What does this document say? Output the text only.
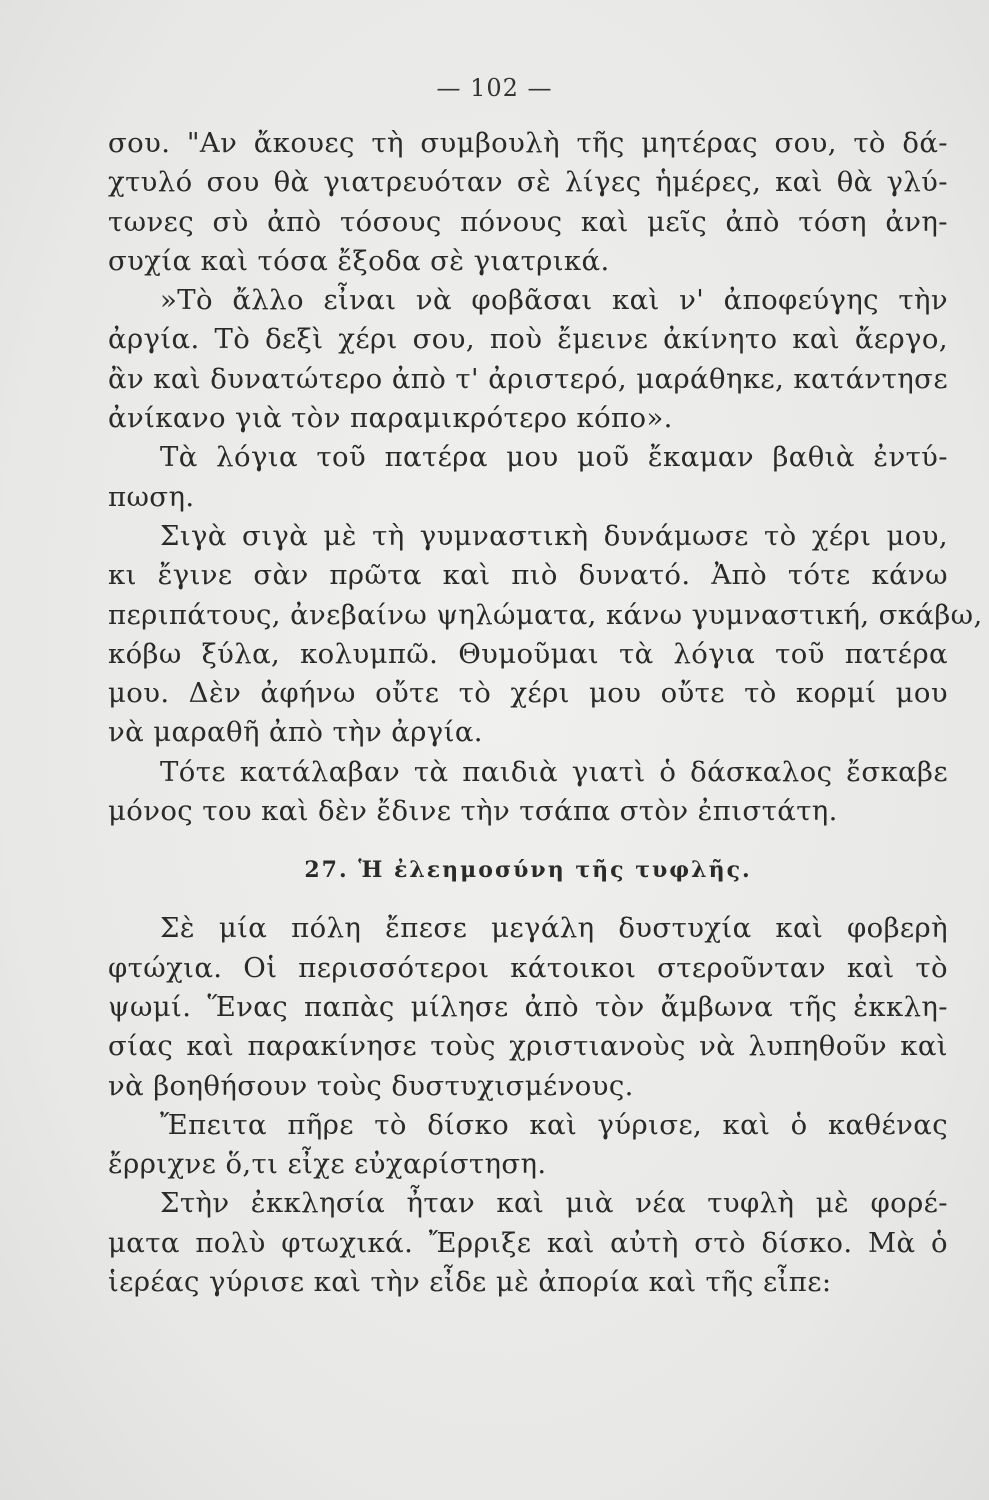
— 102 —
σου. "Αν ἄκουες τὴ συμβουλὴ τῆς μητέρας σου, τὸ δά-
χτυλό σου θὰ γιατρευόταν σὲ λίγες ἡμέρες, καὶ θὰ γλύ-
τωνες σὺ ἀπὸ τόσους πόνους καὶ μεῖς ἀπὸ τόση ἀνη-
συχία καὶ τόσα ἔξοδα σὲ γιατρικά.
»Τὸ ἄλλο εἶναι νὰ φοβᾶσαι καὶ ν' ἀποφεύγης τὴν
ἀργία. Τὸ δεξὶ χέρι σου, ποὺ ἔμεινε ἀκίνητο καὶ ἄεργο,
ἂν καὶ δυνατώτερο ἀπὸ τ' ἀριστερό, μαράθηκε, κατάντησε
ἀνίκανο γιὰ τὸν παραμικρότερο κόπο».
Τὰ λόγια τοῦ πατέρα μου μοῦ ἔκαμαν βαθιὰ ἐντύ-
πωση.
Σιγὰ σιγὰ μὲ τὴ γυμναστικὴ δυνάμωσε τὸ χέρι μου,
κι ἔγινε σὰν πρῶτα καὶ πιὸ δυνατό. Ἀπὸ τότε κάνω
περιπάτους, ἀνεβαίνω ψηλώματα, κάνω γυμναστική, σκάβω,
κόβω ξύλα, κολυμπῶ. Θυμοῦμαι τὰ λόγια τοῦ πατέρα
μου. Δὲν ἀφήνω οὔτε τὸ χέρι μου οὔτε τὸ κορμί μου
νὰ μαραθῆ ἀπὸ τὴν ἀργία.
Τότε κατάλαβαν τὰ παιδιὰ γιατὶ ὁ δάσκαλος ἔσκαβε
μόνος του καὶ δὲν ἔδινε τὴν τσάπα στὸν ἐπιστάτη.
27. Ἡ ἐλεημοσύνη τῆς τυφλῆς.
Σὲ μία πόλη ἔπεσε μεγάλη δυστυχία καὶ φοβερὴ
φτώχια. Οἱ περισσότεροι κάτοικοι στεροῦνταν καὶ τὸ
ψωμί. Ἕνας παπὰς μίλησε ἀπὸ τὸν ἄμβωνα τῆς ἐκκλη-
σίας καὶ παρακίνησε τοὺς χριστιανοὺς νὰ λυπηθοῦν καὶ
νὰ βοηθήσουν τοὺς δυστυχισμένους.
Ἔπειτα πῆρε τὸ δίσκο καὶ γύρισε, καὶ ὁ καθένας
ἔρριχνε ὅ,τι εἶχε εὐχαρίστηση.
Στὴν ἐκκλησία ἦταν καὶ μιὰ νέα τυφλὴ μὲ φορέ-
ματα πολὺ φτωχικά. Ἔρριξε καὶ αὐτὴ στὸ δίσκο. Μὰ ὁ
ἱερέας γύρισε καὶ τὴν εἶδε μὲ ἀπορία καὶ τῆς εἶπε:
